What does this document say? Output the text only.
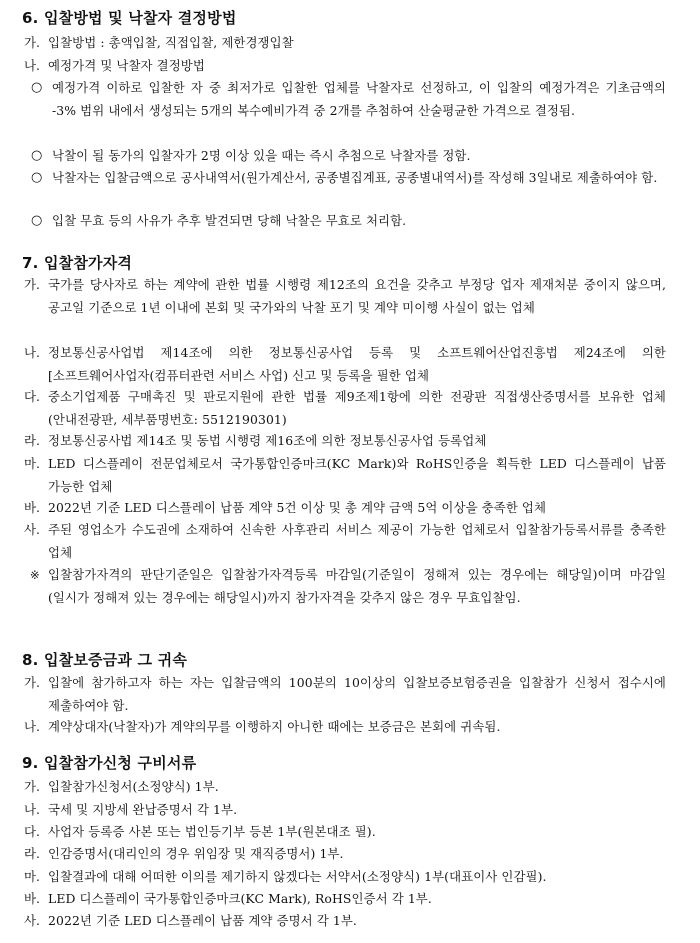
6. 입찰방법 및 낙찰자 결정방법
가. 입찰방법 : 총액입찰, 직접입찰, 제한경쟁입찰
나. 예정가격 및 낙찰자 결정방법
○ 예정가격 이하로 입찰한 자 중 최저가로 입찰한 업체를 낙찰자로 선정하고, 이 입찰의 예정가격은 기초금액의 -3% 범위 내에서 생성되는 5개의 복수예비가격 중 2개를 추첨하여 산술평균한 가격으로 결정됨.
○ 낙찰이 될 동가의 입찰자가 2명 이상 있을 때는 즉시 추첨으로 낙찰자를 정함.
○ 낙찰자는 입찰금액으로 공사내역서(원가계산서, 공종별집계표, 공종별내역서)를 작성해 3일내로 제출하여야 함.
○ 입찰 무효 등의 사유가 추후 발견되면 당해 낙찰은 무효로 처리함.
7. 입찰참가자격
가. 국가를 당사자로 하는 계약에 관한 법률 시행령 제12조의 요건을 갖추고 부정당 업자 제재처분 중이지 않으며, 공고일 기준으로 1년 이내에 본회 및 국가와의 낙찰 포기 및 계약 미이행 사실이 없는 업체
나. 정보통신공사업법 제14조에 의한 정보통신공사업 등록 및 소프트웨어산업진흥법 제24조에 의한 [소프트웨어사업자(컴퓨터관련 서비스 사업) 신고 및 등록을 필한 업체
다. 중소기업제품 구매촉진 및 판로지원에 관한 법률 제9조제1항에 의한 전광판 직접생산증명서를 보유한 업체 (안내전광판, 세부품명번호: 5512190301)
라. 정보통신공사법 제14조 및 동법 시행령 제16조에 의한 정보통신공사업 등록업체
마. LED 디스플레이 전문업체로서 국가통합인증마크(KC Mark)와 RoHS인증을 획득한 LED 디스플레이 납품 가능한 업체
바. 2022년 기준 LED 디스플레이 납품 계약 5건 이상 및 총 계약 금액 5억 이상을 충족한 업체
사. 주된 영업소가 수도권에 소재하여 신속한 사후관리 서비스 제공이 가능한 업체로서 입찰참가등록서류를 충족한 업체
※ 입찰참가자격의 판단기준일은 입찰참가자격등록 마감일(기준일이 정해져 있는 경우에는 해당일)이며 마감일(일시가 정해져 있는 경우에는 해당일시)까지 참가자격을 갖추지 않은 경우 무효입찰임.
8. 입찰보증금과 그 귀속
가. 입찰에 참가하고자 하는 자는 입찰금액의 100분의 10이상의 입찰보증보험증권을 입찰참가 신청서 접수시에 제출하여야 함.
나. 계약상대자(낙찰자)가 계약의무를 이행하지 아니한 때에는 보증금은 본회에 귀속됨.
9. 입찰참가신청 구비서류
가. 입찰참가신청서(소정양식) 1부.
나. 국세 및 지방세 완납증명서 각 1부.
다. 사업자 등록증 사본 또는 법인등기부 등본 1부(원본대조 필).
라. 인감증명서(대리인의 경우 위임장 및 재직증명서) 1부.
마. 입찰결과에 대해 어떠한 이의를 제기하지 않겠다는 서약서(소정양식) 1부(대표이사 인감필).
바. LED 디스플레이 국가통합인증마크(KC Mark), RoHS인증서 각 1부.
사. 2022년 기준 LED 디스플레이 납품 계약 증명서 각 1부.
